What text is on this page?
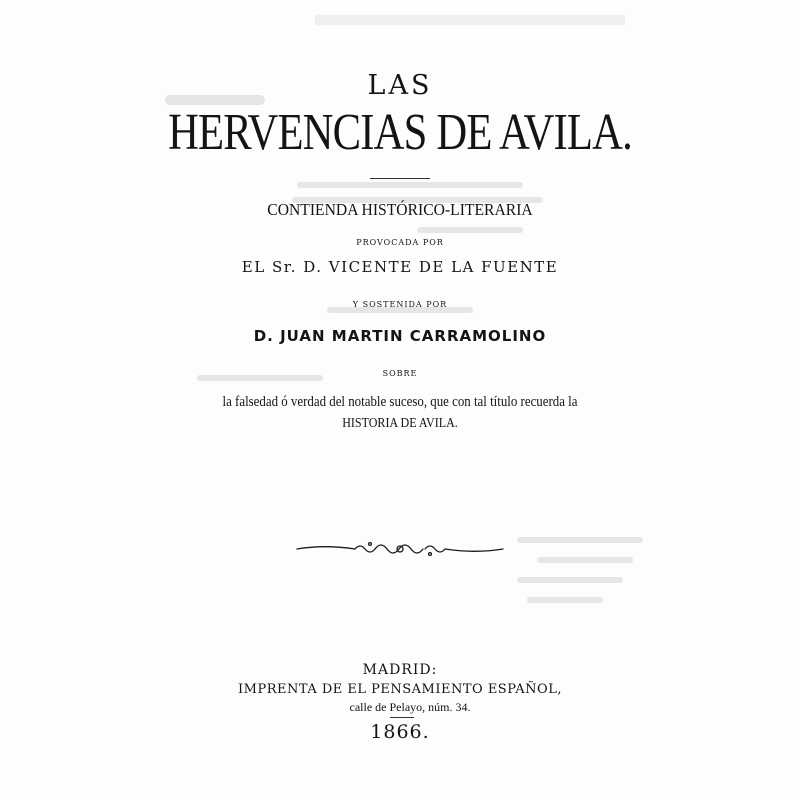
LAS
HERVENCIAS DE AVILA.
CONTIENDA HISTÓRICO-LITERARIA
PROVOCADA POR
EL Sr. D. VICENTE DE LA FUENTE
Y SOSTENIDA POR
D. JUAN MARTIN CARRAMOLINO
SOBRE
la falsedad ó verdad del notable suceso, que con tal título recuerda la
HISTORIA DE AVILA.
MADRID:
IMPRENTA DE EL PENSAMIENTO ESPAÑOL,
calle de Pelayo, núm. 34.
1866.
